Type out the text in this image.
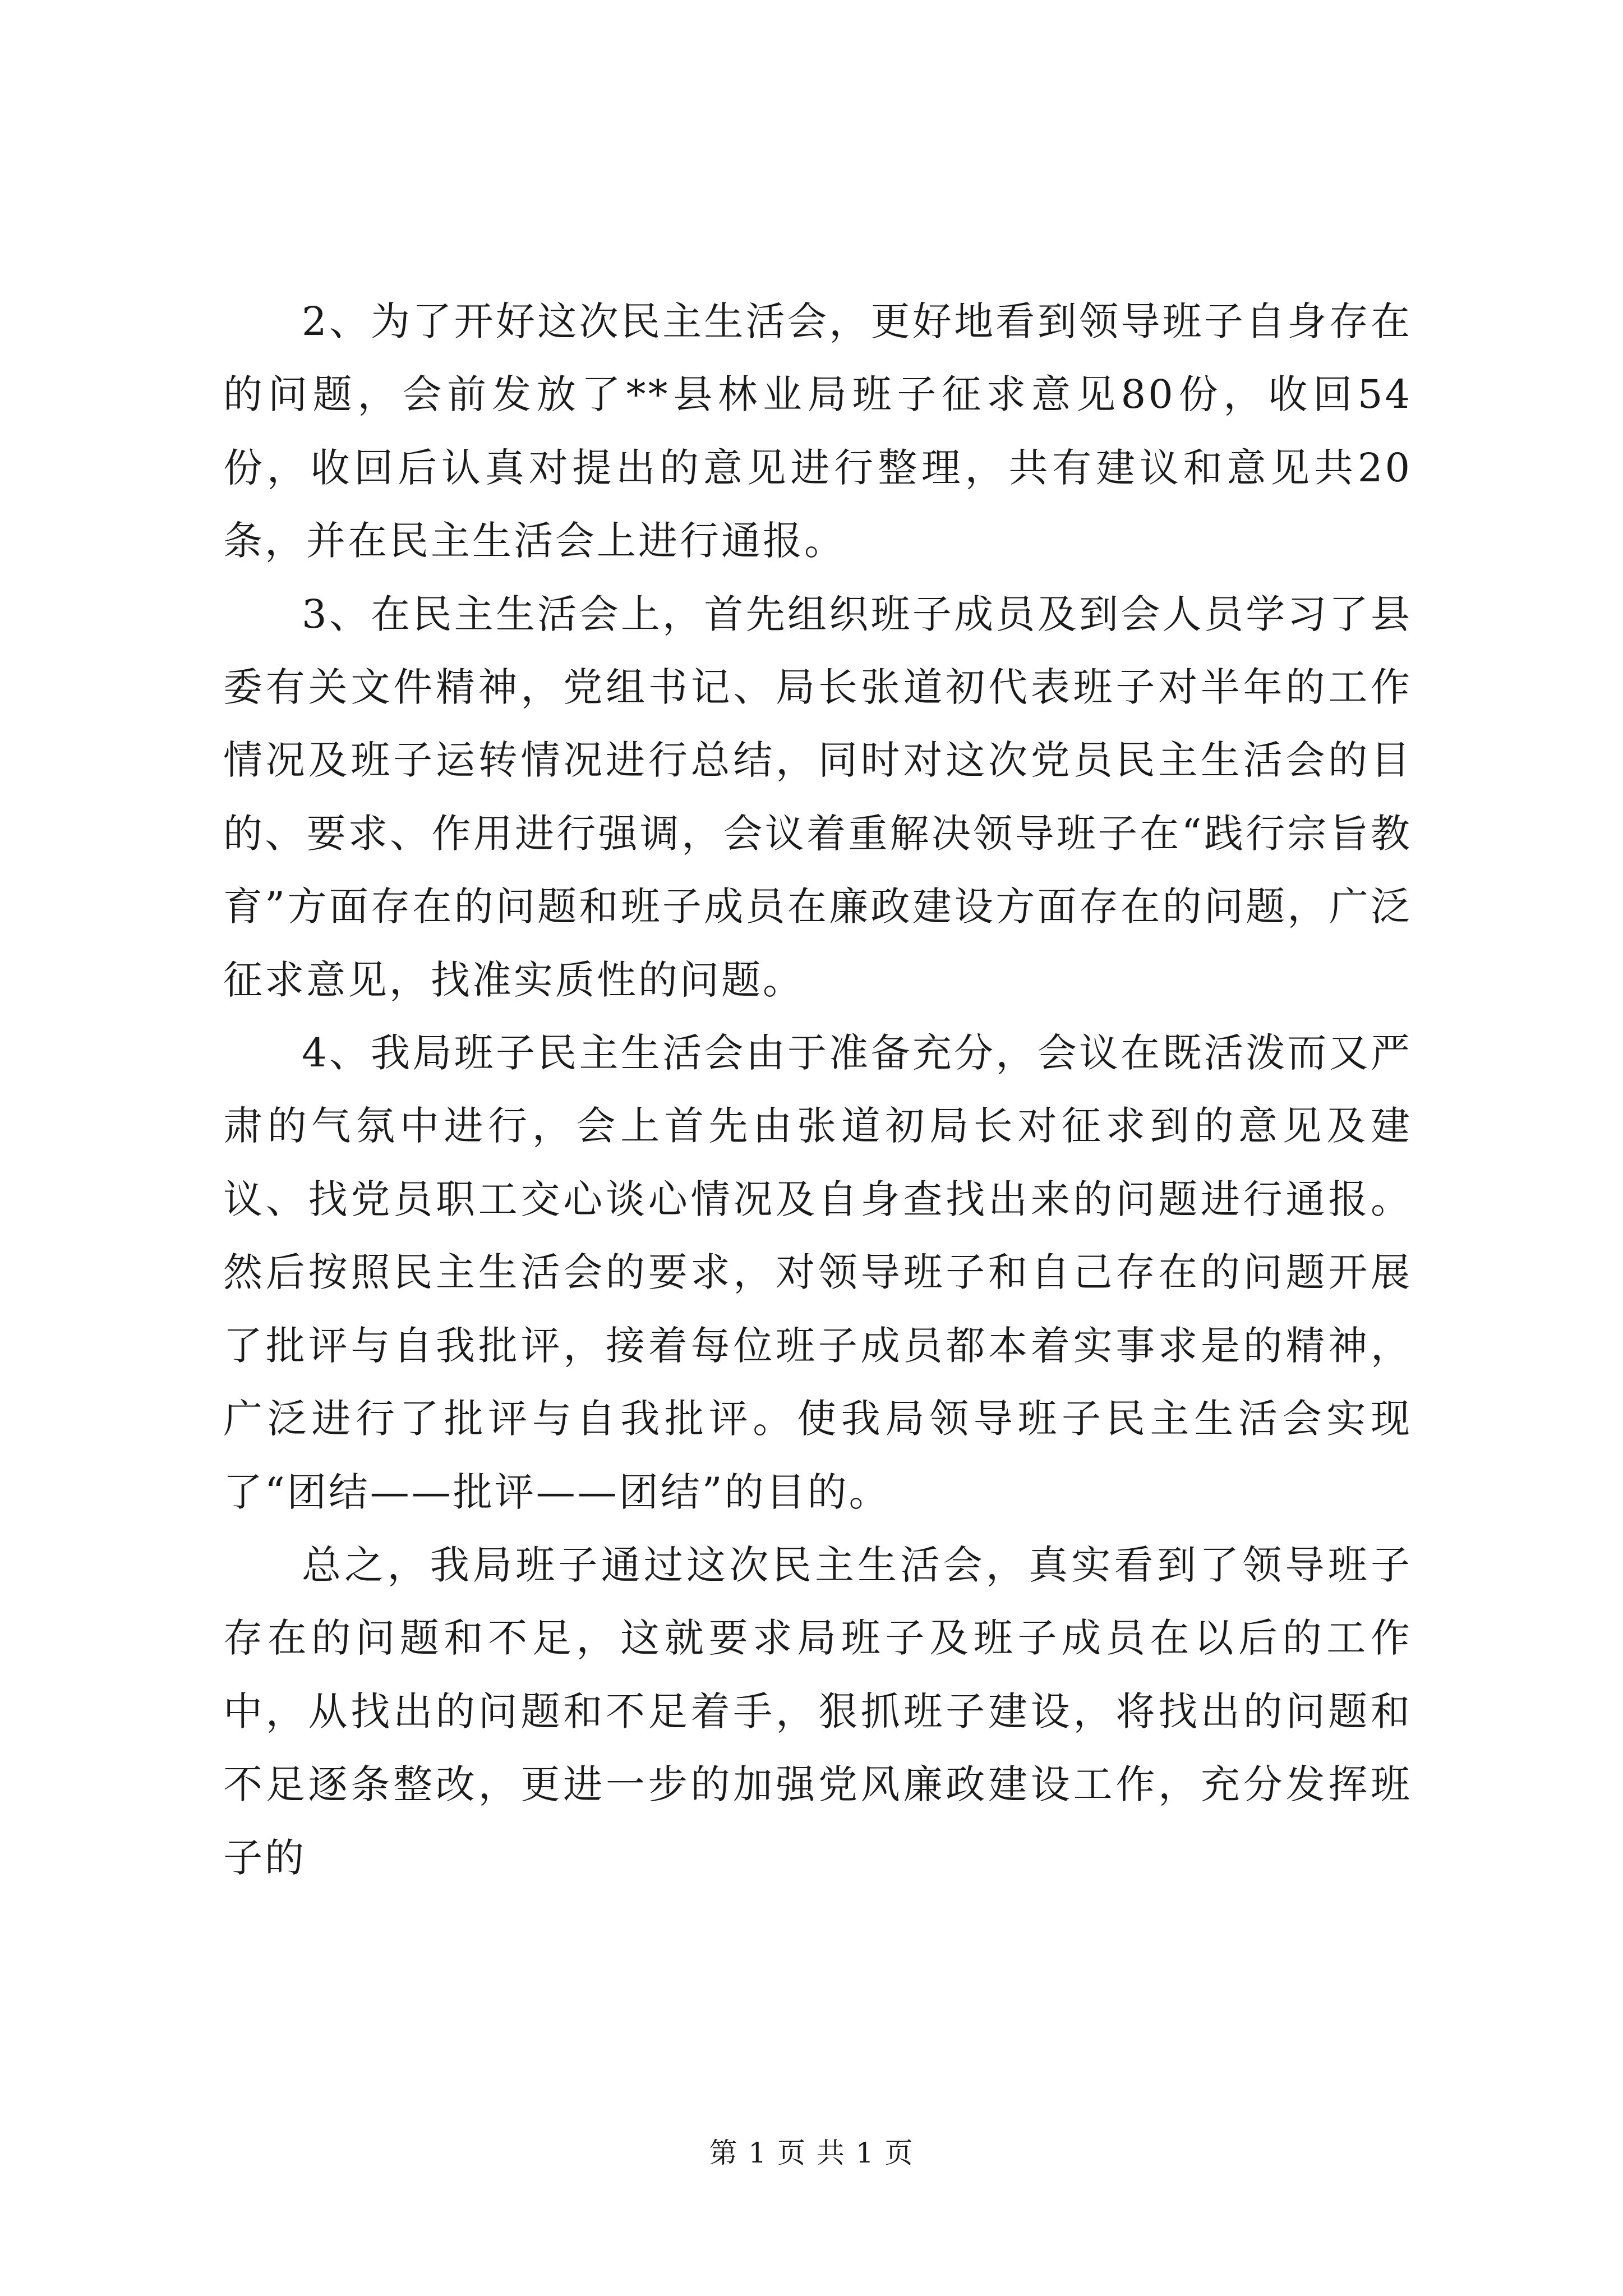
2、为了开好这次民主生活会，更好地看到领导班子自身存在的问题，会前发放了**县林业局班子征求意见80份，收回54份，收回后认真对提出的意见进行整理，共有建议和意见共20条，并在民主生活会上进行通报。

3、在民主生活会上，首先组织班子成员及到会人员学习了县委有关文件精神，党组书记、局长张道初代表班子对半年的工作情况及班子运转情况进行总结，同时对这次党员民主生活会的目的、要求、作用进行强调，会议着重解决领导班子在“践行宗旨教育”方面存在的问题和班子成员在廉政建设方面存在的问题，广泛征求意见，找准实质性的问题。

4、我局班子民主生活会由于准备充分，会议在既活泼而又严肃的气氛中进行，会上首先由张道初局长对征求到的意见及建议、找党员职工交心谈心情况及自身查找出来的问题进行通报。然后按照民主生活会的要求，对领导班子和自己存在的问题开展了批评与自我批评，接着每位班子成员都本着实事求是的精神，广泛进行了批评与自我批评。使我局领导班子民主生活会实现了“团结——批评——团结”的目的。

总之，我局班子通过这次民主生活会，真实看到了领导班子存在的问题和不足，这就要求局班子及班子成员在以后的工作中，从找出的问题和不足着手，狠抓班子建设，将找出的问题和不足逐条整改，更进一步的加强党风廉政建设工作，充分发挥班子的

第 1 页 共 1 页
